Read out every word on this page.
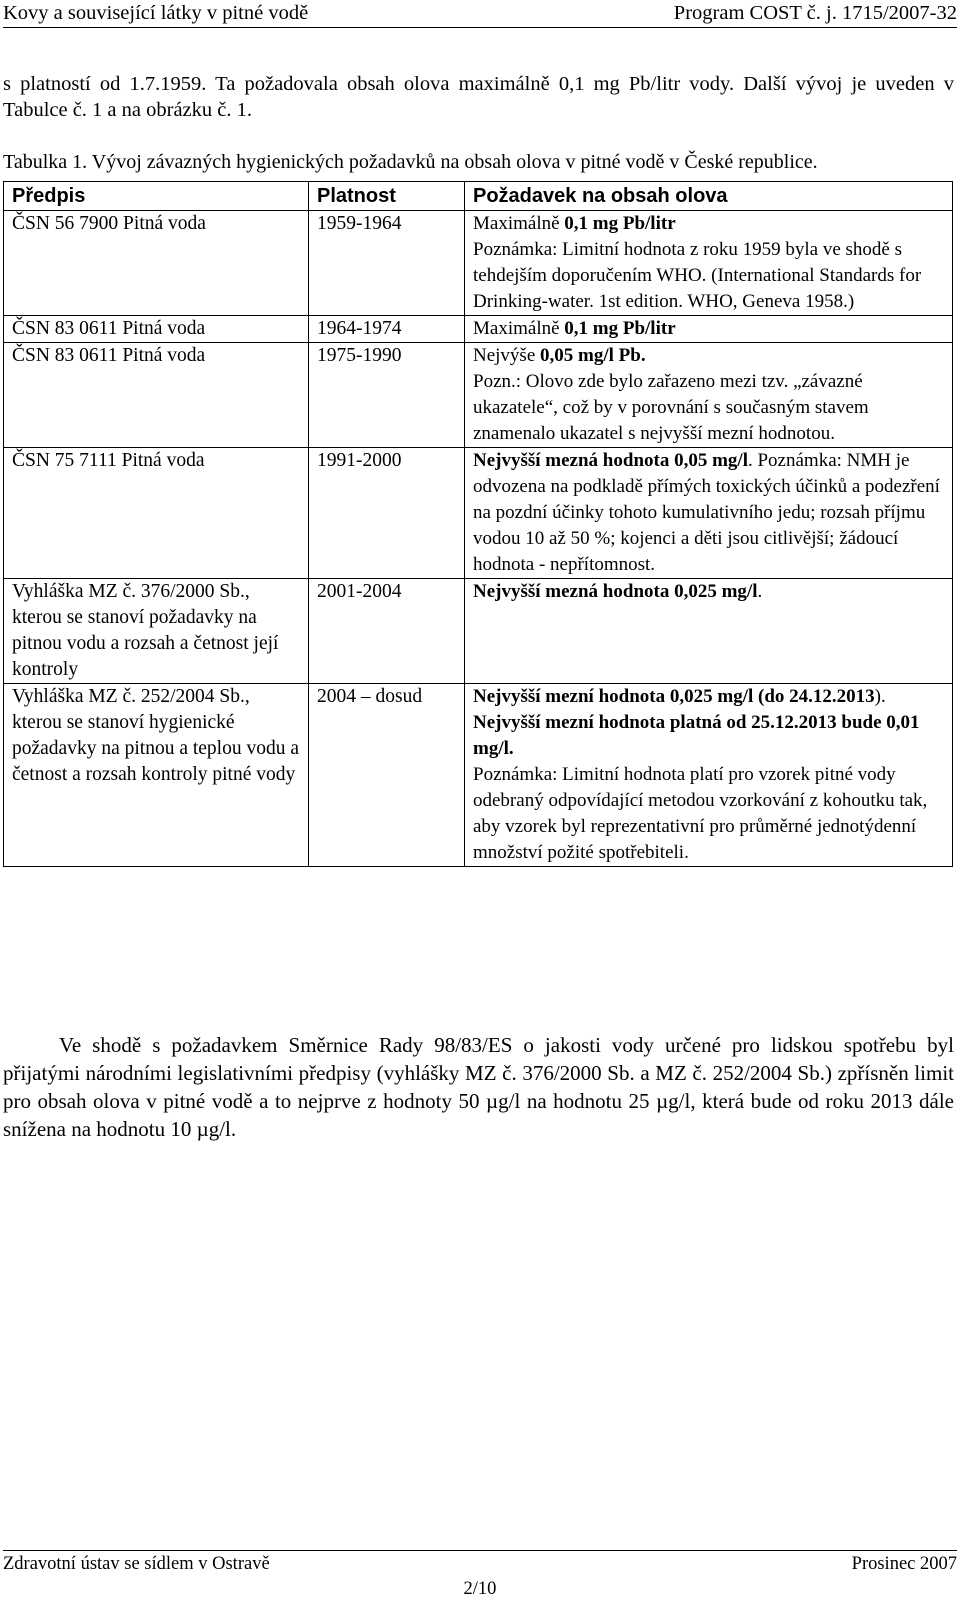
Kovy a související látky v pitné vodě	Program COST č. j. 1715/2007-32
s platností od 1.7.1959. Ta požadovala obsah olova maximálně 0,1 mg Pb/litr vody. Další vývoj je uveden v Tabulce č. 1 a na obrázku č. 1.
Tabulka 1. Vývoj závazných hygienických požadavků na obsah olova v pitné vodě v České republice.
Předpis	Platnost	Požadavek na obsah olova
ČSN 56 7900 Pitná voda	1959-1964	Maximálně 0,1 mg Pb/litr
Poznámka: Limitní hodnota z roku 1959 byla ve shodě s tehdejším doporučením WHO. (International Standards for Drinking-water. 1st edition. WHO, Geneva 1958.)

ČSN 83 0611 Pitná voda	1964-1974	Maximálně 0,1 mg Pb/litr

ČSN 83 0611 Pitná voda	1975-1990	Nejvýše 0,05 mg/l Pb.
Pozn.: Olovo zde bylo zařazeno mezi tzv. „závazné ukazatele“, což by v porovnání s současným stavem znamenalo ukazatel s nejvyšší mezní hodnotou.

ČSN 75 7111 Pitná voda	1991-2000	Nejvyšší mezná hodnota 0,05 mg/l. Poznámka: NMH je odvozena na podkladě přímých toxických účinků a podezření na pozdní účinky tohoto kumulativního jedu; rozsah příjmu vodou 10 až 50 %; kojenci a děti jsou citlivější; žádoucí hodnota - nepřítomnost.

Vyhláška MZ č. 376/2000 Sb., kterou se stanoví požadavky na pitnou vodu a rozsah a četnost její kontroly	2001-2004	Nejvyšší mezná hodnota 0,025 mg/l.

Vyhláška MZ č. 252/2004 Sb., kterou se stanoví hygienické požadavky na pitnou a teplou vodu a četnost a rozsah kontroly pitné vody	2004 – dosud	Nejvyšší mezní hodnota 0,025 mg/l (do 24.12.2013).
Nejvyšší mezní hodnota platná od 25.12.2013 bude 0,01 mg/l.
Poznámka: Limitní hodnota platí pro vzorek pitné vody odebraný odpovídající metodou vzorkování z kohoutku tak, aby vzorek byl reprezentativní pro průměrné jednotýdenní množství požité spotřebiteli.
Ve shodě s požadavkem Směrnice Rady 98/83/ES o jakosti vody určené pro lidskou spotřebu byl přijatými národními legislativními předpisy (vyhlášky MZ č. 376/2000 Sb. a MZ č. 252/2004 Sb.) zpřísněn limit pro obsah olova v pitné vodě a to nejprve z hodnoty 50 µg/l na hodnotu 25 µg/l, která bude od roku 2013 dále snížena na hodnotu 10 µg/l.
Zdravotní ústav se sídlem v Ostravě	Prosinec 2007
2/10
